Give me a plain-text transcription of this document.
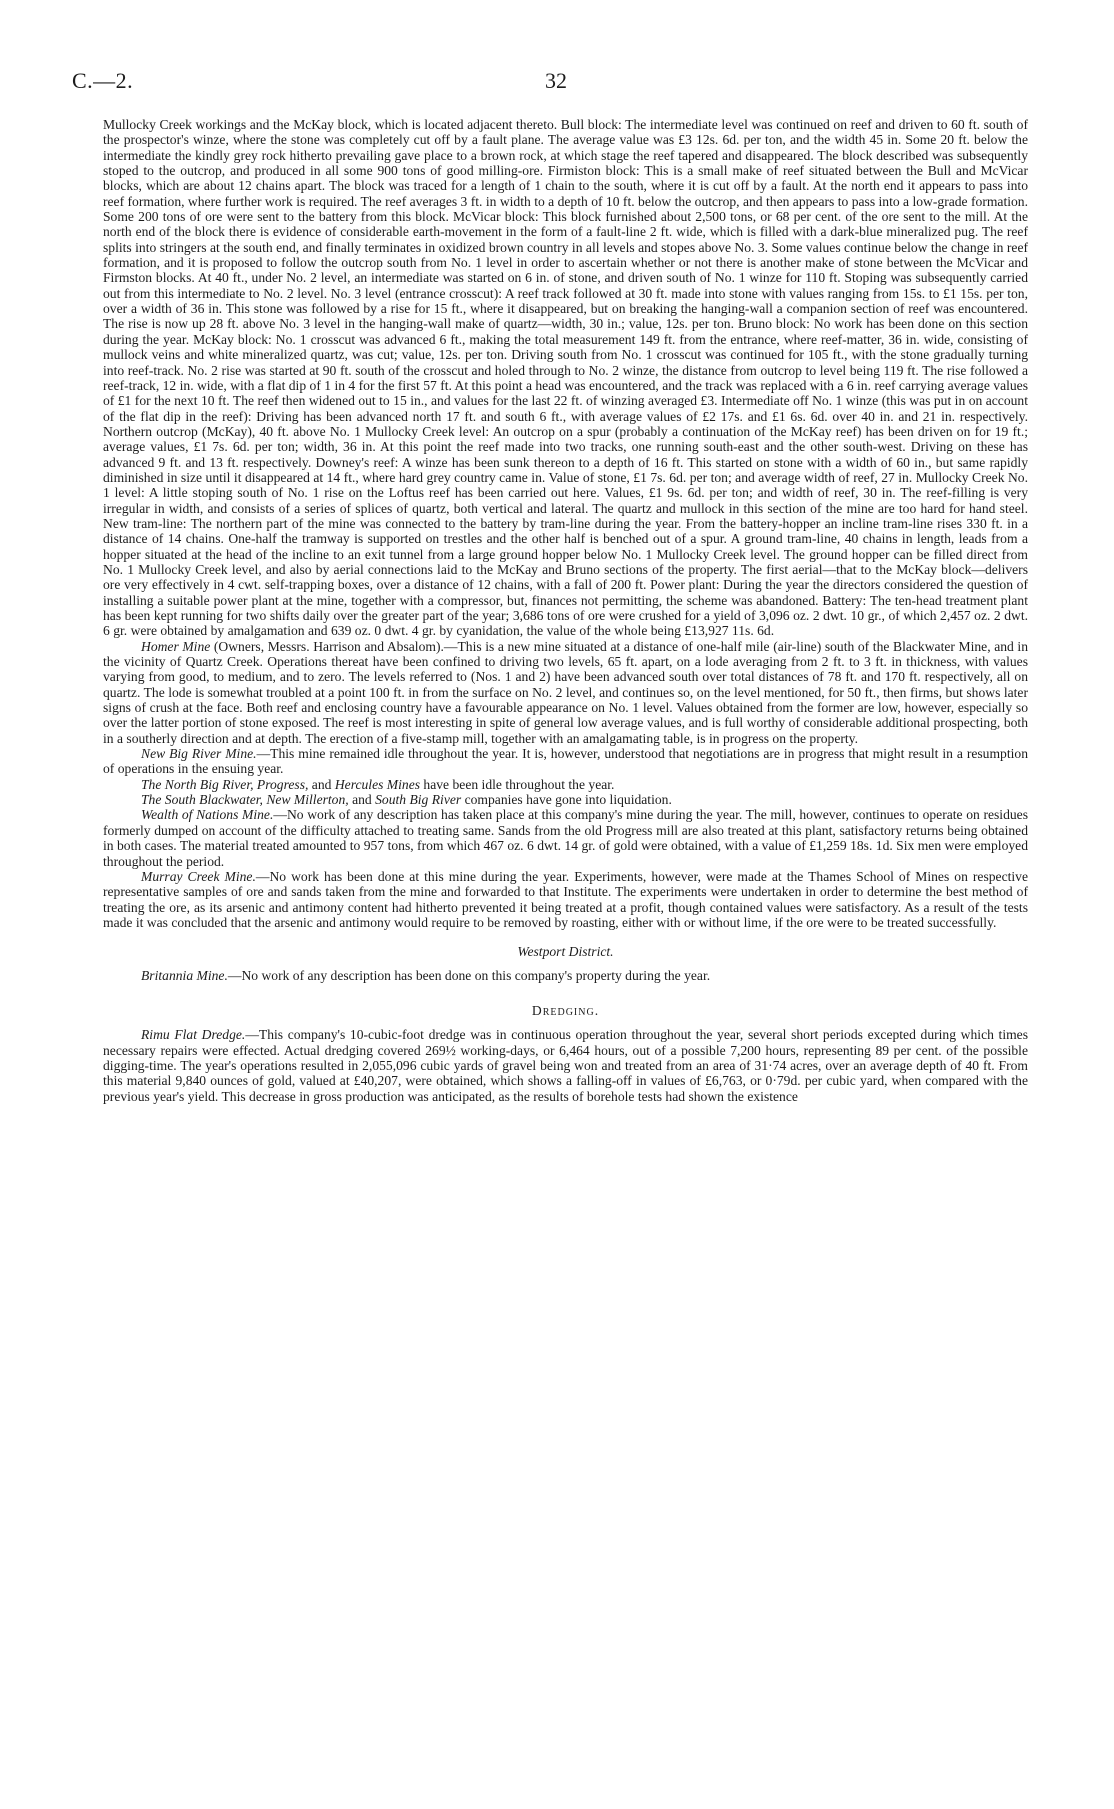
C.—2.	32

Mullocky Creek workings and the McKay block, which is located adjacent thereto. Bull block: The intermediate level was continued on reef and driven to 60 ft. south of the prospector's winze, where the stone was completely cut off by a fault plane. The average value was £3 12s. 6d. per ton, and the width 45 in. Some 20 ft. below the intermediate the kindly grey rock hitherto prevailing gave place to a brown rock, at which stage the reef tapered and disappeared. The block described was subsequently stoped to the outcrop, and produced in all some 900 tons of good milling-ore. Firmiston block: This is a small make of reef situated between the Bull and McVicar blocks, which are about 12 chains apart. The block was traced for a length of 1 chain to the south, where it is cut off by a fault. At the north end it appears to pass into reef formation, where further work is required. The reef averages 3 ft. in width to a depth of 10 ft. below the outcrop, and then appears to pass into a low-grade formation. Some 200 tons of ore were sent to the battery from this block. McVicar block: This block furnished about 2,500 tons, or 68 per cent. of the ore sent to the mill. At the north end of the block there is evidence of considerable earth-movement in the form of a fault-line 2 ft. wide, which is filled with a dark-blue mineralized pug. The reef splits into stringers at the south end, and finally terminates in oxidized brown country in all levels and stopes above No. 3. Some values continue below the change in reef formation, and it is proposed to follow the outcrop south from No. 1 level in order to ascertain whether or not there is another make of stone between the McVicar and Firmston blocks. At 40 ft., under No. 2 level, an intermediate was started on 6 in. of stone, and driven south of No. 1 winze for 110 ft. Stoping was subsequently carried out from this intermediate to No. 2 level. No. 3 level (entrance crosscut): A reef track followed at 30 ft. made into stone with values ranging from 15s. to £1 15s. per ton, over a width of 36 in. This stone was followed by a rise for 15 ft., where it disappeared, but on breaking the hanging-wall a companion section of reef was encountered. The rise is now up 28 ft. above No. 3 level in the hanging-wall make of quartz—width, 30 in.; value, 12s. per ton. Bruno block: No work has been done on this section during the year. McKay block: No. 1 crosscut was advanced 6 ft., making the total measurement 149 ft. from the entrance, where reef-matter, 36 in. wide, consisting of mullock veins and white mineralized quartz, was cut; value, 12s. per ton. Driving south from No. 1 crosscut was continued for 105 ft., with the stone gradually turning into reef-track. No. 2 rise was started at 90 ft. south of the crosscut and holed through to No. 2 winze, the distance from outcrop to level being 119 ft. The rise followed a reef-track, 12 in. wide, with a flat dip of 1 in 4 for the first 57 ft. At this point a head was encountered, and the track was replaced with a 6 in. reef carrying average values of £1 for the next 10 ft. The reef then widened out to 15 in., and values for the last 22 ft. of winzing averaged £3. Intermediate off No. 1 winze (this was put in on account of the flat dip in the reef): Driving has been advanced north 17 ft. and south 6 ft., with average values of £2 17s. and £1 6s. 6d. over 40 in. and 21 in. respectively. Northern outcrop (McKay), 40 ft. above No. 1 Mullocky Creek level: An outcrop on a spur (probably a continuation of the McKay reef) has been driven on for 19 ft.; average values, £1 7s. 6d. per ton; width, 36 in. At this point the reef made into two tracks, one running south-east and the other south-west. Driving on these has advanced 9 ft. and 13 ft. respectively. Downey's reef: A winze has been sunk thereon to a depth of 16 ft. This started on stone with a width of 60 in., but same rapidly diminished in size until it disappeared at 14 ft., where hard grey country came in. Value of stone, £1 7s. 6d. per ton; and average width of reef, 27 in. Mullocky Creek No. 1 level: A little stoping south of No. 1 rise on the Loftus reef has been carried out here. Values, £1 9s. 6d. per ton; and width of reef, 30 in. The reef-filling is very irregular in width, and consists of a series of splices of quartz, both vertical and lateral. The quartz and mullock in this section of the mine are too hard for hand steel. New tram-line: The northern part of the mine was connected to the battery by tram-line during the year. From the battery-hopper an incline tram-line rises 330 ft. in a distance of 14 chains. One-half the tramway is supported on trestles and the other half is benched out of a spur. A ground tram-line, 40 chains in length, leads from a hopper situated at the head of the incline to an exit tunnel from a large ground hopper below No. 1 Mullocky Creek level. The ground hopper can be filled direct from No. 1 Mullocky Creek level, and also by aerial connections laid to the McKay and Bruno sections of the property. The first aerial—that to the McKay block—delivers ore very effectively in 4 cwt. self-trapping boxes, over a distance of 12 chains, with a fall of 200 ft. Power plant: During the year the directors considered the question of installing a suitable power plant at the mine, together with a compressor, but, finances not permitting, the scheme was abandoned. Battery: The ten-head treatment plant has been kept running for two shifts daily over the greater part of the year; 3,686 tons of ore were crushed for a yield of 3,096 oz. 2 dwt. 10 gr., of which 2,457 oz. 2 dwt. 6 gr. were obtained by amalgamation and 639 oz. 0 dwt. 4 gr. by cyanidation, the value of the whole being £13,927 11s. 6d.

Homer Mine (Owners, Messrs. Harrison and Absalom).—This is a new mine situated at a distance of one-half mile (air-line) south of the Blackwater Mine, and in the vicinity of Quartz Creek. Operations thereat have been confined to driving two levels, 65 ft. apart, on a lode averaging from 2 ft. to 3 ft. in thickness, with values varying from good, to medium, and to zero. The levels referred to (Nos. 1 and 2) have been advanced south over total distances of 78 ft. and 170 ft. respectively, all on quartz. The lode is somewhat troubled at a point 100 ft. in from the surface on No. 2 level, and continues so, on the level mentioned, for 50 ft., then firms, but shows later signs of crush at the face. Both reef and enclosing country have a favourable appearance on No. 1 level. Values obtained from the former are low, however, especially so over the latter portion of stone exposed. The reef is most interesting in spite of general low average values, and is full worthy of considerable additional prospecting, both in a southerly direction and at depth. The erection of a five-stamp mill, together with an amalgamating table, is in progress on the property.

New Big River Mine.—This mine remained idle throughout the year. It is, however, understood that negotiations are in progress that might result in a resumption of operations in the ensuing year.

The North Big River, Progress, and Hercules Mines have been idle throughout the year.

The South Blackwater, New Millerton, and South Big River companies have gone into liquidation.

Wealth of Nations Mine.—No work of any description has taken place at this company's mine during the year. The mill, however, continues to operate on residues formerly dumped on account of the difficulty attached to treating same. Sands from the old Progress mill are also treated at this plant, satisfactory returns being obtained in both cases. The material treated amounted to 957 tons, from which 467 oz. 6 dwt. 14 gr. of gold were obtained, with a value of £1,259 18s. 1d. Six men were employed throughout the period.

Murray Creek Mine.—No work has been done at this mine during the year. Experiments, however, were made at the Thames School of Mines on respective representative samples of ore and sands taken from the mine and forwarded to that Institute. The experiments were undertaken in order to determine the best method of treating the ore, as its arsenic and antimony content had hitherto prevented it being treated at a profit, though contained values were satisfactory. As a result of the tests made it was concluded that the arsenic and antimony would require to be removed by roasting, either with or without lime, if the ore were to be treated successfully.

Westport District.

Britannia Mine.—No work of any description has been done on this company's property during the year.

Dredging.

Rimu Flat Dredge.—This company's 10-cubic-foot dredge was in continuous operation throughout the year, several short periods excepted during which times necessary repairs were effected. Actual dredging covered 269½ working-days, or 6,464 hours, out of a possible 7,200 hours, representing 89 per cent. of the possible digging-time. The year's operations resulted in 2,055,096 cubic yards of gravel being won and treated from an area of 31·74 acres, over an average depth of 40 ft. From this material 9,840 ounces of gold, valued at £40,207, were obtained, which shows a falling-off in values of £6,763, or 0·79d. per cubic yard, when compared with the previous year's yield. This decrease in gross production was anticipated, as the results of borehole tests had shown the existence
